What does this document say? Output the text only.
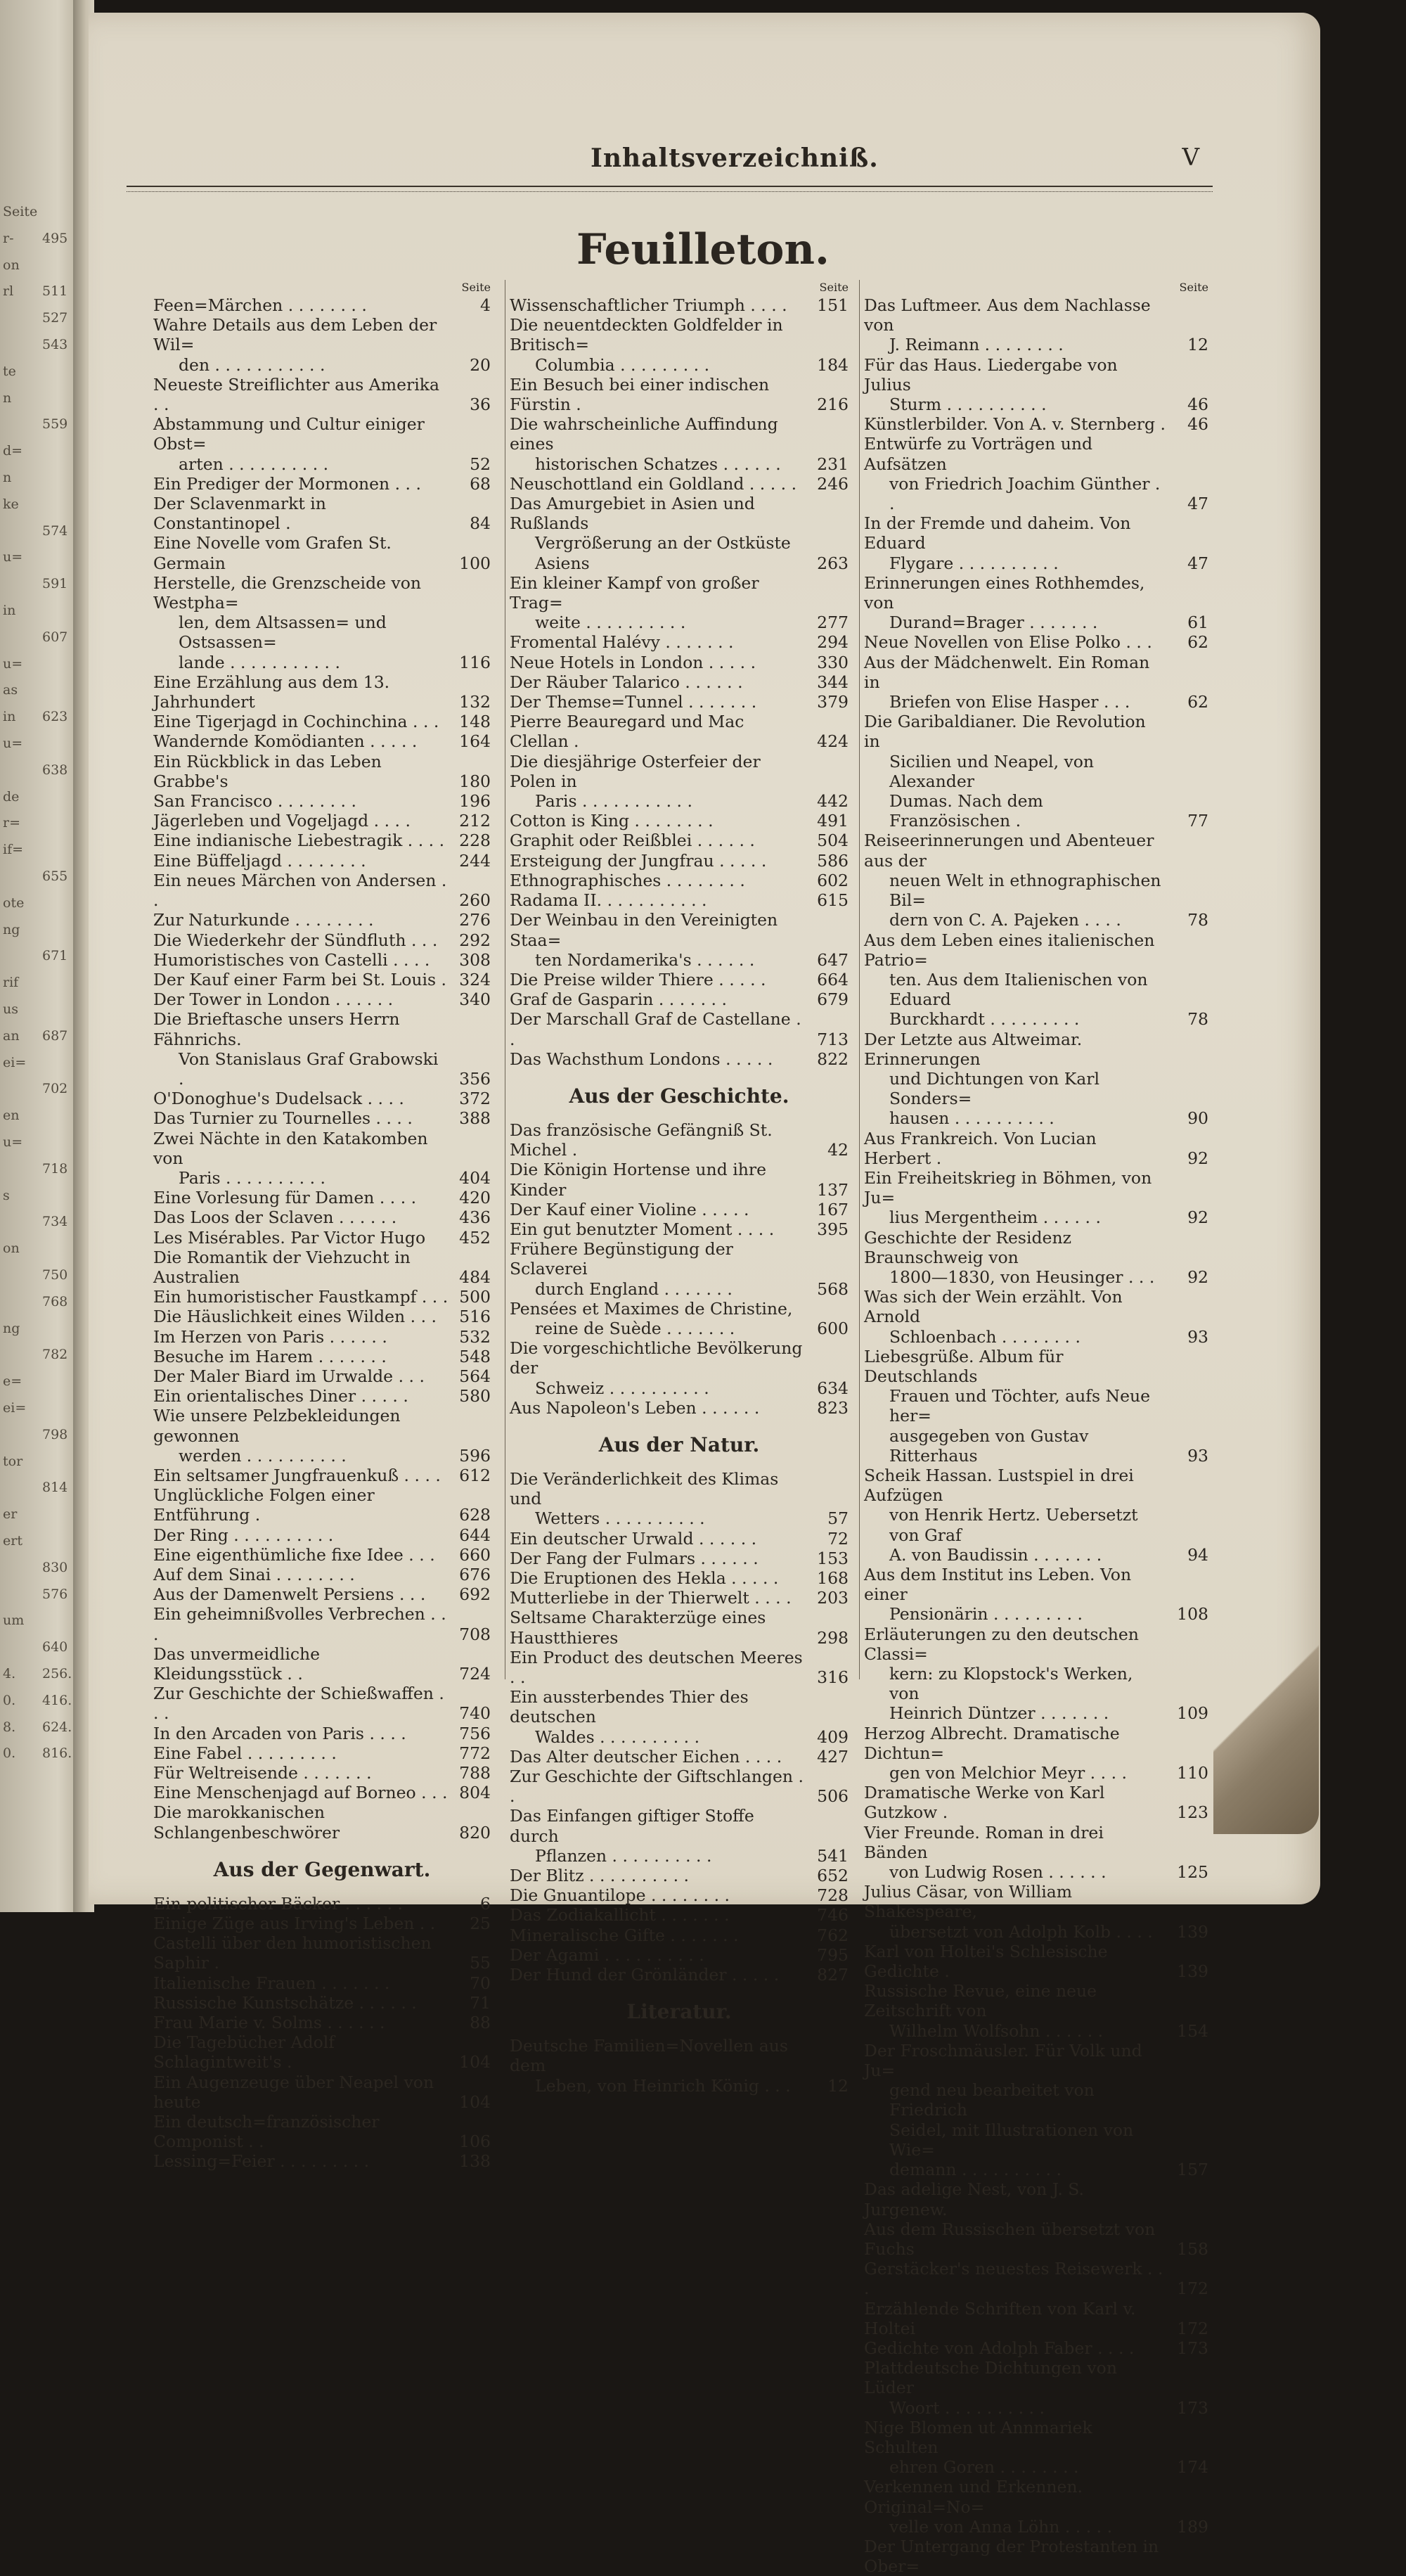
Seite
r-	495
on
rl	511
527
543
te
n
559
d=
n
ke
574
u=
591
in
607
u=
as
in	623
u=
638
de
r=
if=
655
ote
ng
671
rif
us
an	687
ei=
702
en
u=
718
s
734
on
750
768
ng
782
e=
ei=
798
tor
814
er
ert
830
576
um
640
4.	256.
0.	416.
8.	624.
0.	816.
Inhaltsverzeichniß.	V
Feuilleton.
Seite
Feen=Märchen . . . . . . . .	4
Wahre Details aus dem Leben der Wil=
den . . . . . . . . . . .	20
Neueste Streiflichter aus Amerika . .	36
Abstammung und Cultur einiger Obst=
arten . . . . . . . . . .	52
Ein Prediger der Mormonen . . .	68
Der Sclavenmarkt in Constantinopel .	84
Eine Novelle vom Grafen St. Germain	100
Herstelle, die Grenzscheide von Westpha=
len, dem Altsassen= und Ostsassen=
lande . . . . . . . . . . .	116
Eine Erzählung aus dem 13. Jahrhundert	132
Eine Tigerjagd in Cochinchina . . .	148
Wandernde Komödianten . . . . .	164
Ein Rückblick in das Leben Grabbe's	180
San Francisco . . . . . . . .	196
Jägerleben und Vogeljagd . . . .	212
Eine indianische Liebestragik . . . . 228
Eine Büffeljagd . . . . . . . .	244
Ein neues Märchen von Andersen . .	260
Zur Naturkunde . . . . . . . .	276
Die Wiederkehr der Sündfluth . . .	292
Humoristisches von Castelli . . . .	308
Der Kauf einer Farm bei St. Louis . 324
Der Tower in London . . . . . .	340
Die Brieftasche unsers Herrn Fähnrichs.
Von Stanislaus Graf Grabowski .	356
O'Donoghue's Dudelsack . . . .	372
Das Turnier zu Tournelles . . . .	388
Zwei Nächte in den Katakomben von
Paris . . . . . . . . . .	404
Eine Vorlesung für Damen . . . .	420
Das Loos der Sclaven . . . . . .	436
Les Misérables. Par Victor Hugo	452
Die Romantik der Viehzucht in Australien	484
Ein humoristischer Faustkampf . . . 500
Die Häuslichkeit eines Wilden . . .	516
Im Herzen von Paris . . . . . .	532
Besuche im Harem . . . . . . .	548
Der Maler Biard im Urwalde . . .	564
Ein orientalisches Diner . . . . .	580
Wie unsere Pelzbekleidungen gewonnen
werden . . . . . . . . . .	596
Ein seltsamer Jungfrauenkuß . . . .	612
Unglückliche Folgen einer Entführung .	628
Der Ring . . . . . . . . . .	644
Eine eigenthümliche fixe Idee . . .	660
Auf dem Sinai . . . . . . . .	676
Aus der Damenwelt Persiens . . .	692
Ein geheimnißvolles Verbrechen . . .	708
Das unvermeidliche Kleidungsstück . .	724
Zur Geschichte der Schießwaffen . . .	740
In den Arcaden von Paris . . . .	756
Eine Fabel . . . . . . . . .	772
Für Weltreisende . . . . . . .	788
Eine Menschenjagd auf Borneo . . . 804
Die marokkanischen Schlangenbeschwörer	820
Aus der Gegenwart.
Ein politischer Bäcker . . . . . .	6
Einige Züge aus Irving's Leben . .	25
Castelli über den humoristischen Saphir .	55
Italienische Frauen . . . . . . .	70
Russische Kunstschätze . . . . . .	71
Frau Marie v. Solms . . . . . .	88
Die Tagebücher Adolf Schlagintweit's .	104
Ein Augenzeuge über Neapel von heute	104
Ein deutsch=französischer Componist . .	106
Lessing=Feier . . . . . . . . .	138
Seite
Wissenschaftlicher Triumph . . . .	151
Die neuentdeckten Goldfelder in Britisch=
Columbia . . . . . . . . .	184
Ein Besuch bei einer indischen Fürstin .	216
Die wahrscheinliche Auffindung eines
historischen Schatzes . . . . . .	231
Neuschottland ein Goldland . . . . .	246
Das Amurgebiet in Asien und Rußlands
Vergrößerung an der Ostküste Asiens	263
Ein kleiner Kampf von großer Trag=
weite . . . . . . . . . .	277
Fromental Halévy . . . . . . .	294
Neue Hotels in London . . . . .	330
Der Räuber Talarico . . . . . .	344
Der Themse=Tunnel . . . . . . .	379
Pierre Beauregard und Mac Clellan .	424
Die diesjährige Osterfeier der Polen in
Paris . . . . . . . . . . .	442
Cotton is King . . . . . . . .	491
Graphit oder Reißblei . . . . . .	504
Ersteigung der Jungfrau . . . . .	586
Ethnographisches . . . . . . . .	602
Radama II. . . . . . . . . . .	615
Der Weinbau in den Vereinigten Staa=
ten Nordamerika's . . . . . .	647
Die Preise wilder Thiere . . . . .	664
Graf de Gasparin . . . . . . .	679
Der Marschall Graf de Castellane . .	713
Das Wachsthum Londons . . . . .	822
Aus der Geschichte.
Das französische Gefängniß St. Michel .	42
Die Königin Hortense und ihre Kinder	137
Der Kauf einer Violine . . . . .	167
Ein gut benutzter Moment . . . .	395
Frühere Begünstigung der Sclaverei
durch England . . . . . . .	568
Pensées et Maximes de Christine,
reine de Suède . . . . . . .	600
Die vorgeschichtliche Bevölkerung der
Schweiz . . . . . . . . . .	634
Aus Napoleon's Leben . . . . . .	823
Aus der Natur.
Die Veränderlichkeit des Klimas und
Wetters . . . . . . . . . .	57
Ein deutscher Urwald . . . . . .	72
Der Fang der Fulmars . . . . . .	153
Die Eruptionen des Hekla . . . . .	168
Mutterliebe in der Thierwelt . . . .	203
Seltsame Charakterzüge eines Haustthieres	298
Ein Product des deutschen Meeres . .	316
Ein aussterbendes Thier des deutschen
Waldes . . . . . . . . . .	409
Das Alter deutscher Eichen . . . .	427
Zur Geschichte der Giftschlangen . .	506
Das Einfangen giftiger Stoffe durch
Pflanzen . . . . . . . . . .	541
Der Blitz . . . . . . . . . .	652
Die Gnuantilope . . . . . . . .	728
Das Zodiakallicht . . . . . . .	746
Mineralische Gifte . . . . . . .	762
Der Agami . . . . . . . . . .	795
Der Hund der Grönländer . . . . .	827
Literatur.
Deutsche Familien=Novellen aus dem
Leben, von Heinrich König . . .	12
Seite
Das Luftmeer. Aus dem Nachlasse von
J. Reimann . . . . . . . .	12
Für das Haus. Liedergabe von Julius
Sturm . . . . . . . . . .	46
Künstlerbilder. Von A. v. Sternberg .	46
Entwürfe zu Vorträgen und Aufsätzen
von Friedrich Joachim Günther . .	47
In der Fremde und daheim. Von Eduard
Flygare . . . . . . . . . .	47
Erinnerungen eines Rothhemdes, von
Durand=Brager . . . . . . .	61
Neue Novellen von Elise Polko . . .	62
Aus der Mädchenwelt. Ein Roman in
Briefen von Elise Hasper . . .	62
Die Garibaldianer. Die Revolution in
Sicilien und Neapel, von Alexander
Dumas. Nach dem Französischen .	77
Reiseerinnerungen und Abenteuer aus der
neuen Welt in ethnographischen Bil=
dern von C. A. Pajeken . . . .	78
Aus dem Leben eines italienischen Patrio=
ten. Aus dem Italienischen von Eduard
Burckhardt . . . . . . . . .	78
Der Letzte aus Altweimar. Erinnerungen
und Dichtungen von Karl Sonders=
hausen . . . . . . . . . .	90
Aus Frankreich. Von Lucian Herbert .	92
Ein Freiheitskrieg in Böhmen, von Ju=
lius Mergentheim . . . . . .	92
Geschichte der Residenz Braunschweig von
1800—1830, von Heusinger . . .	92
Was sich der Wein erzählt. Von Arnold
Schloenbach . . . . . . . .	93
Liebesgrüße. Album für Deutschlands
Frauen und Töchter, aufs Neue her=
ausgegeben von Gustav Ritterhaus	93
Scheik Hassan. Lustspiel in drei Aufzügen
von Henrik Hertz. Uebersetzt von Graf
A. von Baudissin . . . . . . .	94
Aus dem Institut ins Leben. Von einer
Pensionärin . . . . . . . . .	108
Erläuterungen zu den deutschen Classi=
kern: zu Klopstock's Werken, von
Heinrich Düntzer . . . . . . .	109
Herzog Albrecht. Dramatische Dichtun=
gen von Melchior Meyr . . . .	110
Dramatische Werke von Karl Gutzkow .	123
Vier Freunde. Roman in drei Bänden
von Ludwig Rosen . . . . . .	125
Julius Cäsar, von William Shakespeare,
übersetzt von Adolph Kolb . . . .	139
Karl von Holtei's Schlesische Gedichte .	139
Russische Revue, eine neue Zeitschrift von
Wilhelm Wolfsohn . . . . . .	154
Der Froschmäusler. Für Volk und Ju=
gend neu bearbeitet von Friedrich
Seidel, mit Illustrationen von Wie=
demann . . . . . . . . . .	157
Das adelige Nest, von J. S. Jurgenew.
Aus dem Russischen übersetzt von Fuchs	158
Gerstäcker's neuestes Reisewerk . . .	172
Erzählende Schriften von Karl v. Holtei	172
Gedichte von Adolph Faber . . . .	173
Plattdeutsche Dichtungen von Lüder
Woort . . . . . . . . . .	173
Nige Blomen ut Annmariek Schulten
ehren Goren . . . . . . . .	174
Verkennen und Erkennen. Original=No=
velle von Anna Löhn . . . . .	189
Der Untergang der Protestanten in Ober=
